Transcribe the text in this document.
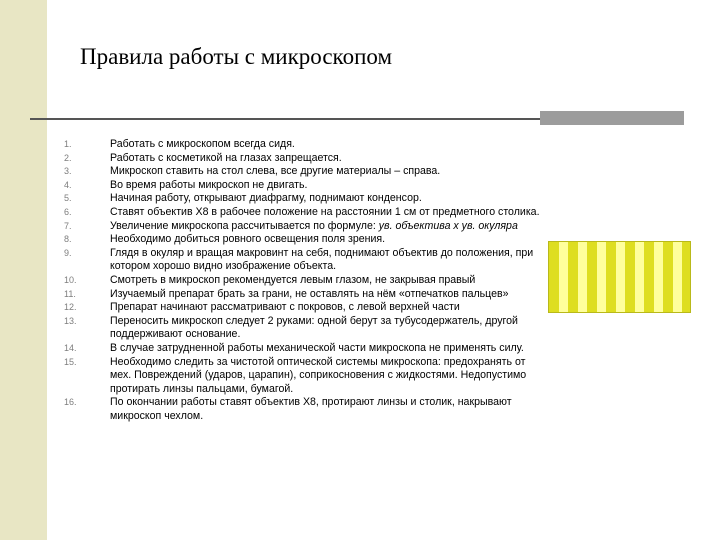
Правила работы с микроскопом
1.	Работать с микроскопом всегда сидя.
2.	Работать с косметикой на глазах запрещается.
3.	Микроскоп ставить на стол слева, все другие материалы – справа.
4.	Во время работы микроскоп не двигать.
5.	Начиная работу, открывают диафрагму, поднимают конденсор.
6.	Ставят объектив Х8 в рабочее положение на расстоянии 1 см от предметного столика.
7.	Увеличение микроскопа рассчитывается по формуле: ув. объектива х ув. окуляра
8.	Необходимо добиться ровного освещения поля зрения.
9.	Глядя в окуляр и вращая макровинт на себя, поднимают объектив до положения, при котором хорошо видно изображение объекта.
10.	Смотреть в микроскоп рекомендуется левым глазом, не закрывая правый
11.	Изучаемый препарат брать за грани, не оставлять на нём «отпечатков пальцев»
12.	Препарат начинают рассматривают с покровов, с левой верхней части
13.	Переносить микроскоп следует 2 руками: одной берут за тубусодержатель, другой поддерживают основание.
14.	В случае затрудненной работы механической части микроскопа не применять силу.
15.	Необходимо следить за чистотой оптической системы микроскопа: предохранять от мех. Повреждений (ударов, царапин), соприкосновения с жидкостями. Недопустимо протирать линзы пальцами, бумагой.
16.	По окончании работы ставят объектив Х8, протирают линзы и столик, накрывают микроскоп чехлом.
